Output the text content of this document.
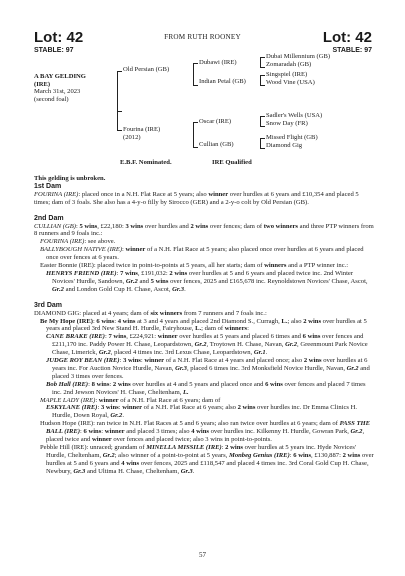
Lot: 42	FROM RUTH ROONEY	Lot: 42
STABLE: 97	STABLE: 97
A BAY GELDING
(IRE)
March 31st, 2023
(second foal)
Old Persian (GB)
Fourina (IRE)
(2012)
Dubawi (IRE)
Indian Petal (GB)
Oscar (IRE)
Cullian (GB)
Dubai Millennium (GB)
Zomaradah (GB)
Singspiel (IRE)
Wood Vine (USA)
Sadler's Wells (USA)
Snow Day (FR)
Missed Flight (GB)
Diamond Gig
E.B.F. Nominated.	IRE Qualified
This gelding is unbroken.
1st Dam
FOURINA (IRE): placed once in a N.H. Flat Race at 5 years; also winner over hurdles at 6 years and £10,354 and placed 5 times; dam of 3 foals. She also has a 4-y-o filly by Sirocco (GER) and a 2-y-o colt by Old Persian (GB).
2nd Dam
CULLIAN (GB): 5 wins, £22,180: 3 wins over hurdles and 2 wins over fences; dam of two winners and three PTP winners from 8 runners and 9 foals inc.:
FOURINA (IRE): see above.
BALLYBOUGH NATIVE (IRE): winner of a N.H. Flat Race at 5 years; also placed once over hurdles at 6 years and placed once over fences at 6 years.
Easter Bonnie (IRE): placed twice in point-to-points at 5 years, all her starts; dam of winners and a PTP winner inc.:
HENRYS FRIEND (IRE): 7 wins, £191,032: 2 wins over hurdles at 5 and 6 years and placed twice inc. 2nd Winter Novices' Hurdle, Sandown, Gr.2 and 5 wins over fences, 2025 and £165,678 inc. Reynoldstown Novices' Chase, Ascot, Gr.2 and London Gold Cup H. Chase, Ascot, Gr.3.
3rd Dam
DIAMOND GIG: placed at 4 years; dam of six winners from 7 runners and 7 foals inc.:
Be My Hope (IRE): 6 wins: 4 wins at 3 and 4 years and placed 2nd Diamond S., Curragh, L.; also 2 wins over hurdles at 5 years and placed 3rd New Stand H. Hurdle, Fairyhouse, L.; dam of winners:
CANE BRAKE (IRE): 7 wins, £224,921: winner over hurdles at 5 years and placed 6 times and 6 wins over fences and £211,170 inc. Paddy Power H. Chase, Leopardstown, Gr.2, Troytown H. Chase, Navan, Gr.2, Greenmount Park Novice Chase, Limerick, Gr.2, placed 4 times inc. 3rd Lexus Chase, Leopardstown, Gr.1.
JUDGE ROY BEAN (IRE): 3 wins: winner of a N.H. Flat Race at 4 years and placed once; also 2 wins over hurdles at 6 years inc. For Auction Novice Hurdle, Navan, Gr.3, placed 6 times inc. 3rd Monksfield Novice Hurdle, Navan, Gr.2 and placed 3 times over fences.
Bob Hall (IRE): 8 wins: 2 wins over hurdles at 4 and 5 years and placed once and 6 wins over fences and placed 7 times inc. 2nd Jewson Novices' H. Chase, Cheltenham, L.
MAPLE LADY (IRE): winner of a N.H. Flat Race at 6 years; dam of
ESKYLANE (IRE): 3 wins: winner of a N.H. Flat Race at 6 years; also 2 wins over hurdles inc. Dr Emma Clinics H. Hurdle, Down Royal, Gr.2.
Hudson Hope (IRE): ran twice in N.H. Flat Races at 5 and 6 years; also ran twice over hurdles at 6 years; dam of PASS THE BALL (IRE): 6 wins: winner and placed 3 times; also 4 wins over hurdles inc. Kilkenny H. Hurdle, Gowran Park, Gr.2, placed twice and winner over fences and placed twice; also 3 wins in point-to-points.
Pebble Hill (IRE): unraced; grandam of MINELLA MISSILE (IRE): 2 wins over hurdles at 5 years inc. Hyde Novices' Hurdle, Cheltenham, Gr.2; also winner of a point-to-point at 5 years, Monbeg Genius (IRE): 6 wins, £130,887: 2 wins over hurdles at 5 and 6 years and 4 wins over fences, 2025 and £118,547 and placed 4 times inc. 3rd Coral Gold Cup H. Chase, Newbury, Gr.3 and Ultima H. Chase, Cheltenham, Gr.3.
57
